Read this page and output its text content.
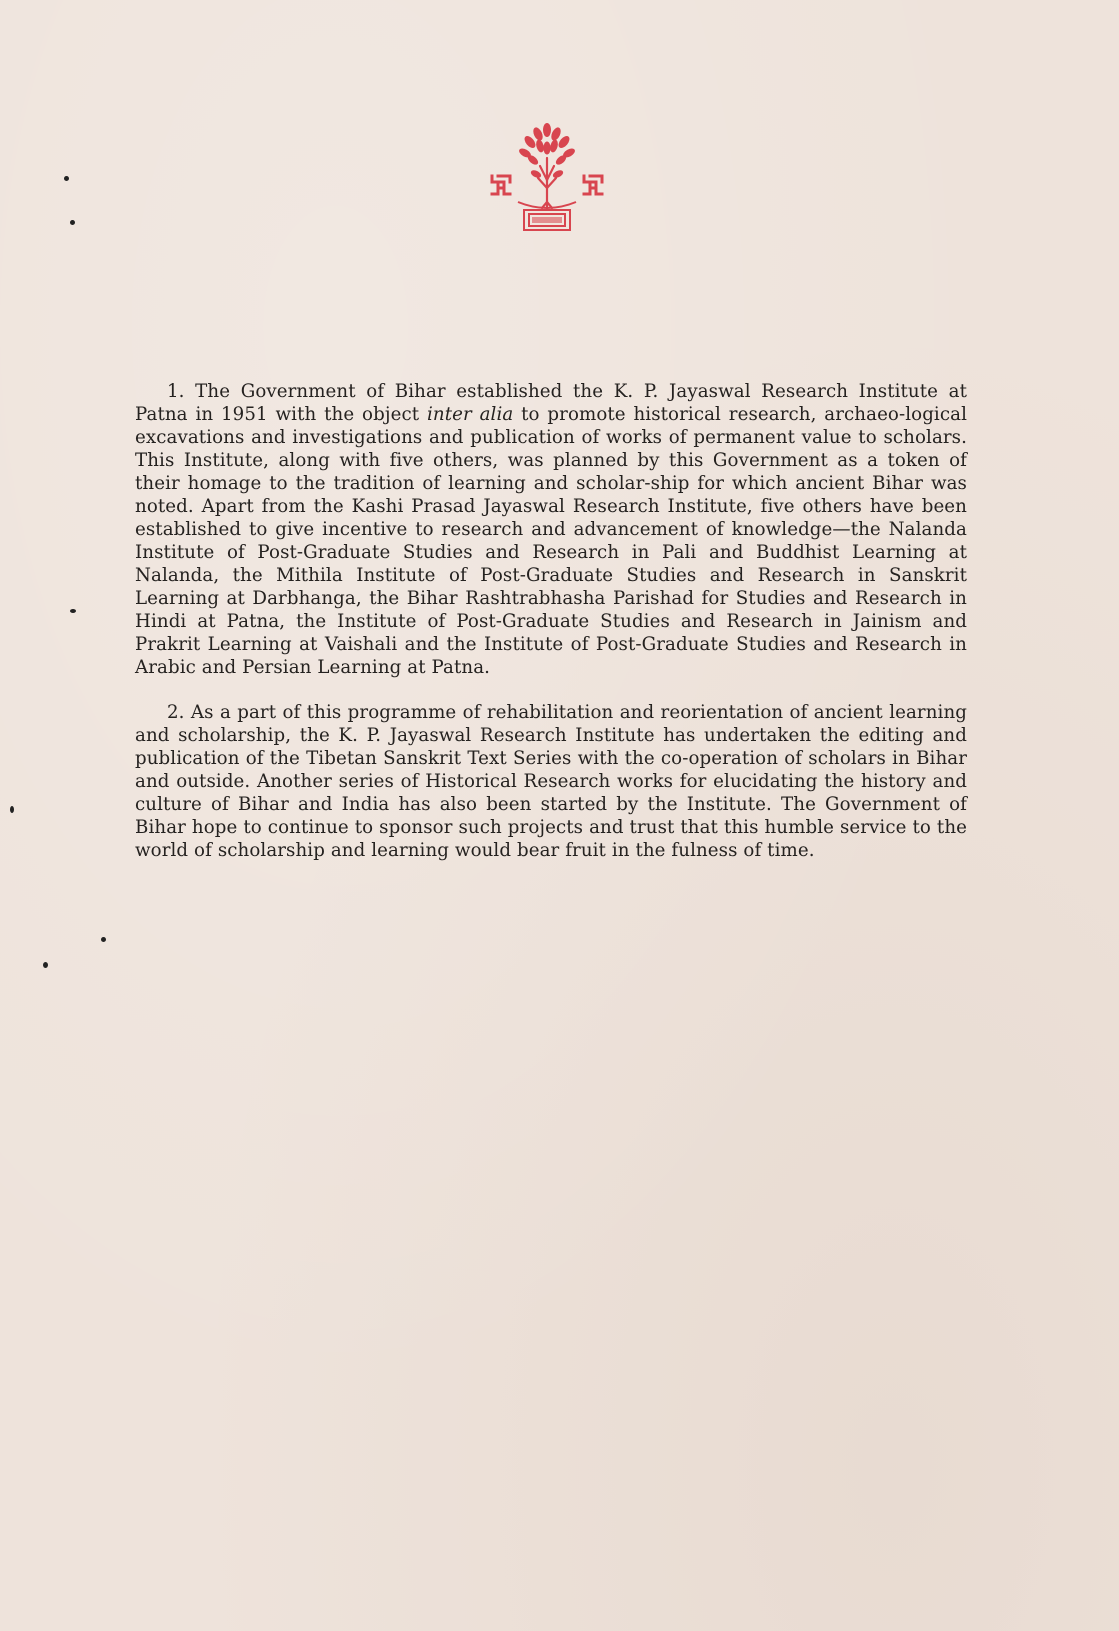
1. The Government of Bihar established the K. P. Jayaswal Research Institute at Patna in 1951 with the object inter alia to promote historical research, archaeo-logical excavations and investigations and publication of works of permanent value to scholars. This Institute, along with five others, was planned by this Government as a token of their homage to the tradition of learning and scholar-ship for which ancient Bihar was noted. Apart from the Kashi Prasad Jayaswal Research Institute, five others have been established to give incentive to research and advancement of knowledge—the Nalanda Institute of Post-Graduate Studies and Research in Pali and Buddhist Learning at Nalanda, the Mithila Institute of Post-Graduate Studies and Research in Sanskrit Learning at Darbhanga, the Bihar Rashtrabhasha Parishad for Studies and Research in Hindi at Patna, the Institute of Post-Graduate Studies and Research in Jainism and Prakrit Learning at Vaishali and the Institute of Post-Graduate Studies and Research in Arabic and Persian Learning at Patna.

2. As a part of this programme of rehabilitation and reorientation of ancient learning and scholarship, the K. P. Jayaswal Research Institute has undertaken the editing and publication of the Tibetan Sanskrit Text Series with the co-operation of scholars in Bihar and outside. Another series of Historical Research works for elucidating the history and culture of Bihar and India has also been started by the Institute. The Government of Bihar hope to continue to sponsor such projects and trust that this humble service to the world of scholarship and learning would bear fruit in the fulness of time.
